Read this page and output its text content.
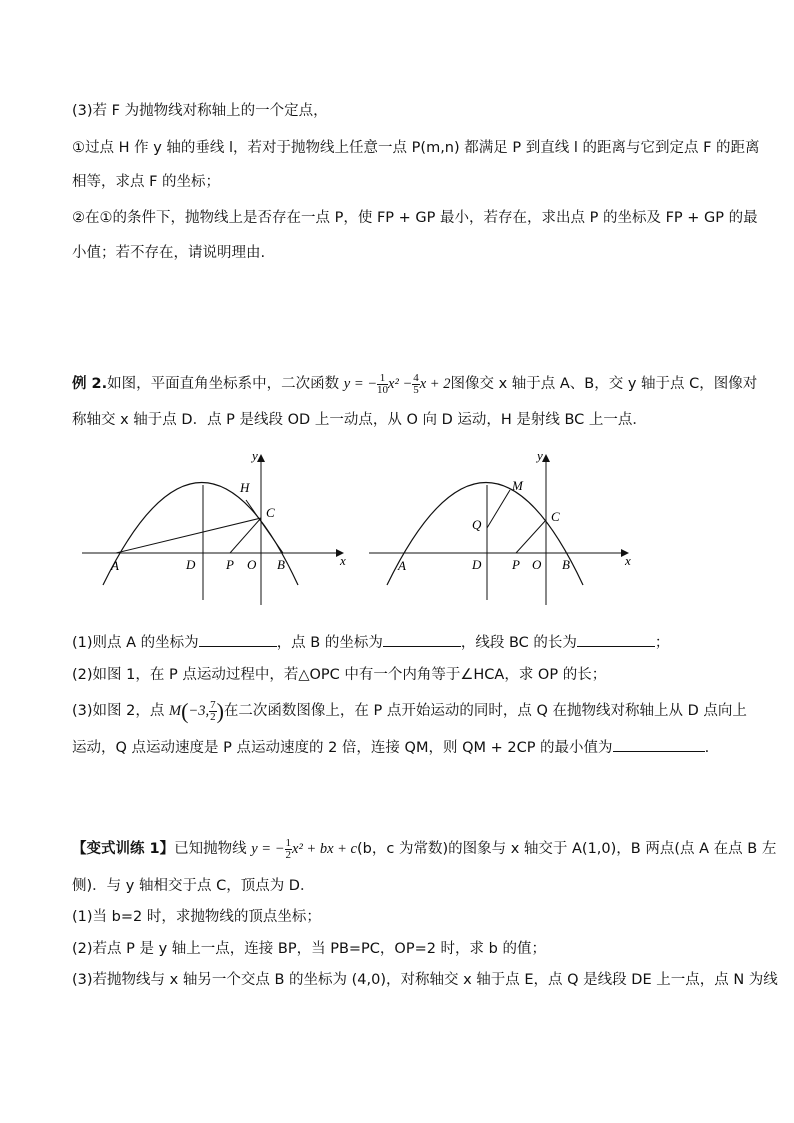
(3)若 F 为抛物线对称轴上的一个定点，
①过点 H 作 y 轴的垂线 l，若对于抛物线上任意一点 P(m,n) 都满足 P 到直线 l 的距离与它到定点 F 的距离
相等，求点 F 的坐标；
②在①的条件下，抛物线上是否存在一点 P，使 FP + GP 最小，若存在，求出点 P 的坐标及 FP + GP 的最
小值；若不存在，请说明理由.
例 2.如图，平面直角坐标系中，二次函数 y = − $\frac{1}{10} x^2 - \frac{4}{5}$ x + 2图像交 x 轴于点 A、B，交 y 轴于点 C，图像对
称轴交 x 轴于点 D．点 P 是线段 OD 上一动点，从 O 向 D 运动，H 是射线 BC 上一点．
y
x
H
C
A	D P O B
y
x
M
Q
C
A	D P O B
(1)则点 A 的坐标为	，点 B 的坐标为	，线段 BC 的长为	；
(2)如图 1，在 P 点运动过程中，若△OPC 中有一个内角等于∠HCA，求 OP 的长；
(3)如图 2，点 M(−3, $\frac{7}{2}$ )在二次函数图像上，在 P 点开始运动的同时，点 Q 在抛物线对称轴上从 D 点向上
运动，Q 点运动速度是 P 点运动速度的 2 倍，连接 QM，则 QM + 2CP 的最小值为	.
【变式训练 1】已知抛物线 y = − $\frac{1}{2} x^2$ + bx + c(b，c 为常数)的图象与 x 轴交于 A(1,0)，B 两点(点 A 在点 B 左
侧)．与 y 轴相交于点 C，顶点为 D．
(1)当 b=2 时，求抛物线的顶点坐标；
(2)若点 P 是 y 轴上一点，连接 BP，当 PB=PC，OP=2 时，求 b 的值；
(3)若抛物线与 x 轴另一个交点 B 的坐标为 (4,0)，对称轴交 x 轴于点 E，点 Q 是线段 DE 上一点，点 N 为线
